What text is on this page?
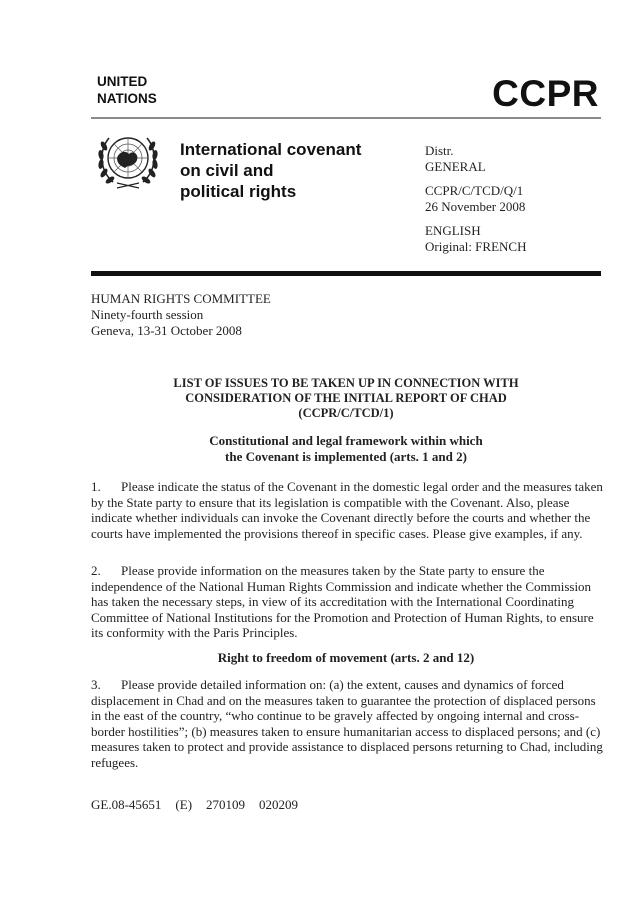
UNITED
NATIONS	CCPR
International covenant
on civil and
political rights
Distr.
GENERAL
CCPR/C/TCD/Q/1
26 November 2008
ENGLISH
Original: FRENCH
HUMAN RIGHTS COMMITTEE
Ninety-fourth session
Geneva, 13-31 October 2008
LIST OF ISSUES TO BE TAKEN UP IN CONNECTION WITH
CONSIDERATION OF THE INITIAL REPORT OF CHAD
(CCPR/C/TCD/1)
Constitutional and legal framework within which
the Covenant is implemented (arts. 1 and 2)
1. Please indicate the status of the Covenant in the domestic legal order and the measures taken by the State party to ensure that its legislation is compatible with the Covenant. Also, please indicate whether individuals can invoke the Covenant directly before the courts and whether the courts have implemented the provisions thereof in specific cases. Please give examples, if any.
2. Please provide information on the measures taken by the State party to ensure the independence of the National Human Rights Commission and indicate whether the Commission has taken the necessary steps, in view of its accreditation with the International Coordinating Committee of National Institutions for the Promotion and Protection of Human Rights, to ensure its conformity with the Paris Principles.
Right to freedom of movement (arts. 2 and 12)
3. Please provide detailed information on: (a) the extent, causes and dynamics of forced displacement in Chad and on the measures taken to guarantee the protection of displaced persons in the east of the country, “who continue to be gravely affected by ongoing internal and cross-border hostilities”; (b) measures taken to ensure humanitarian access to displaced persons; and (c) measures taken to protect and provide assistance to displaced persons returning to Chad, including refugees.
GE.08-45651 (E) 270109 020209
